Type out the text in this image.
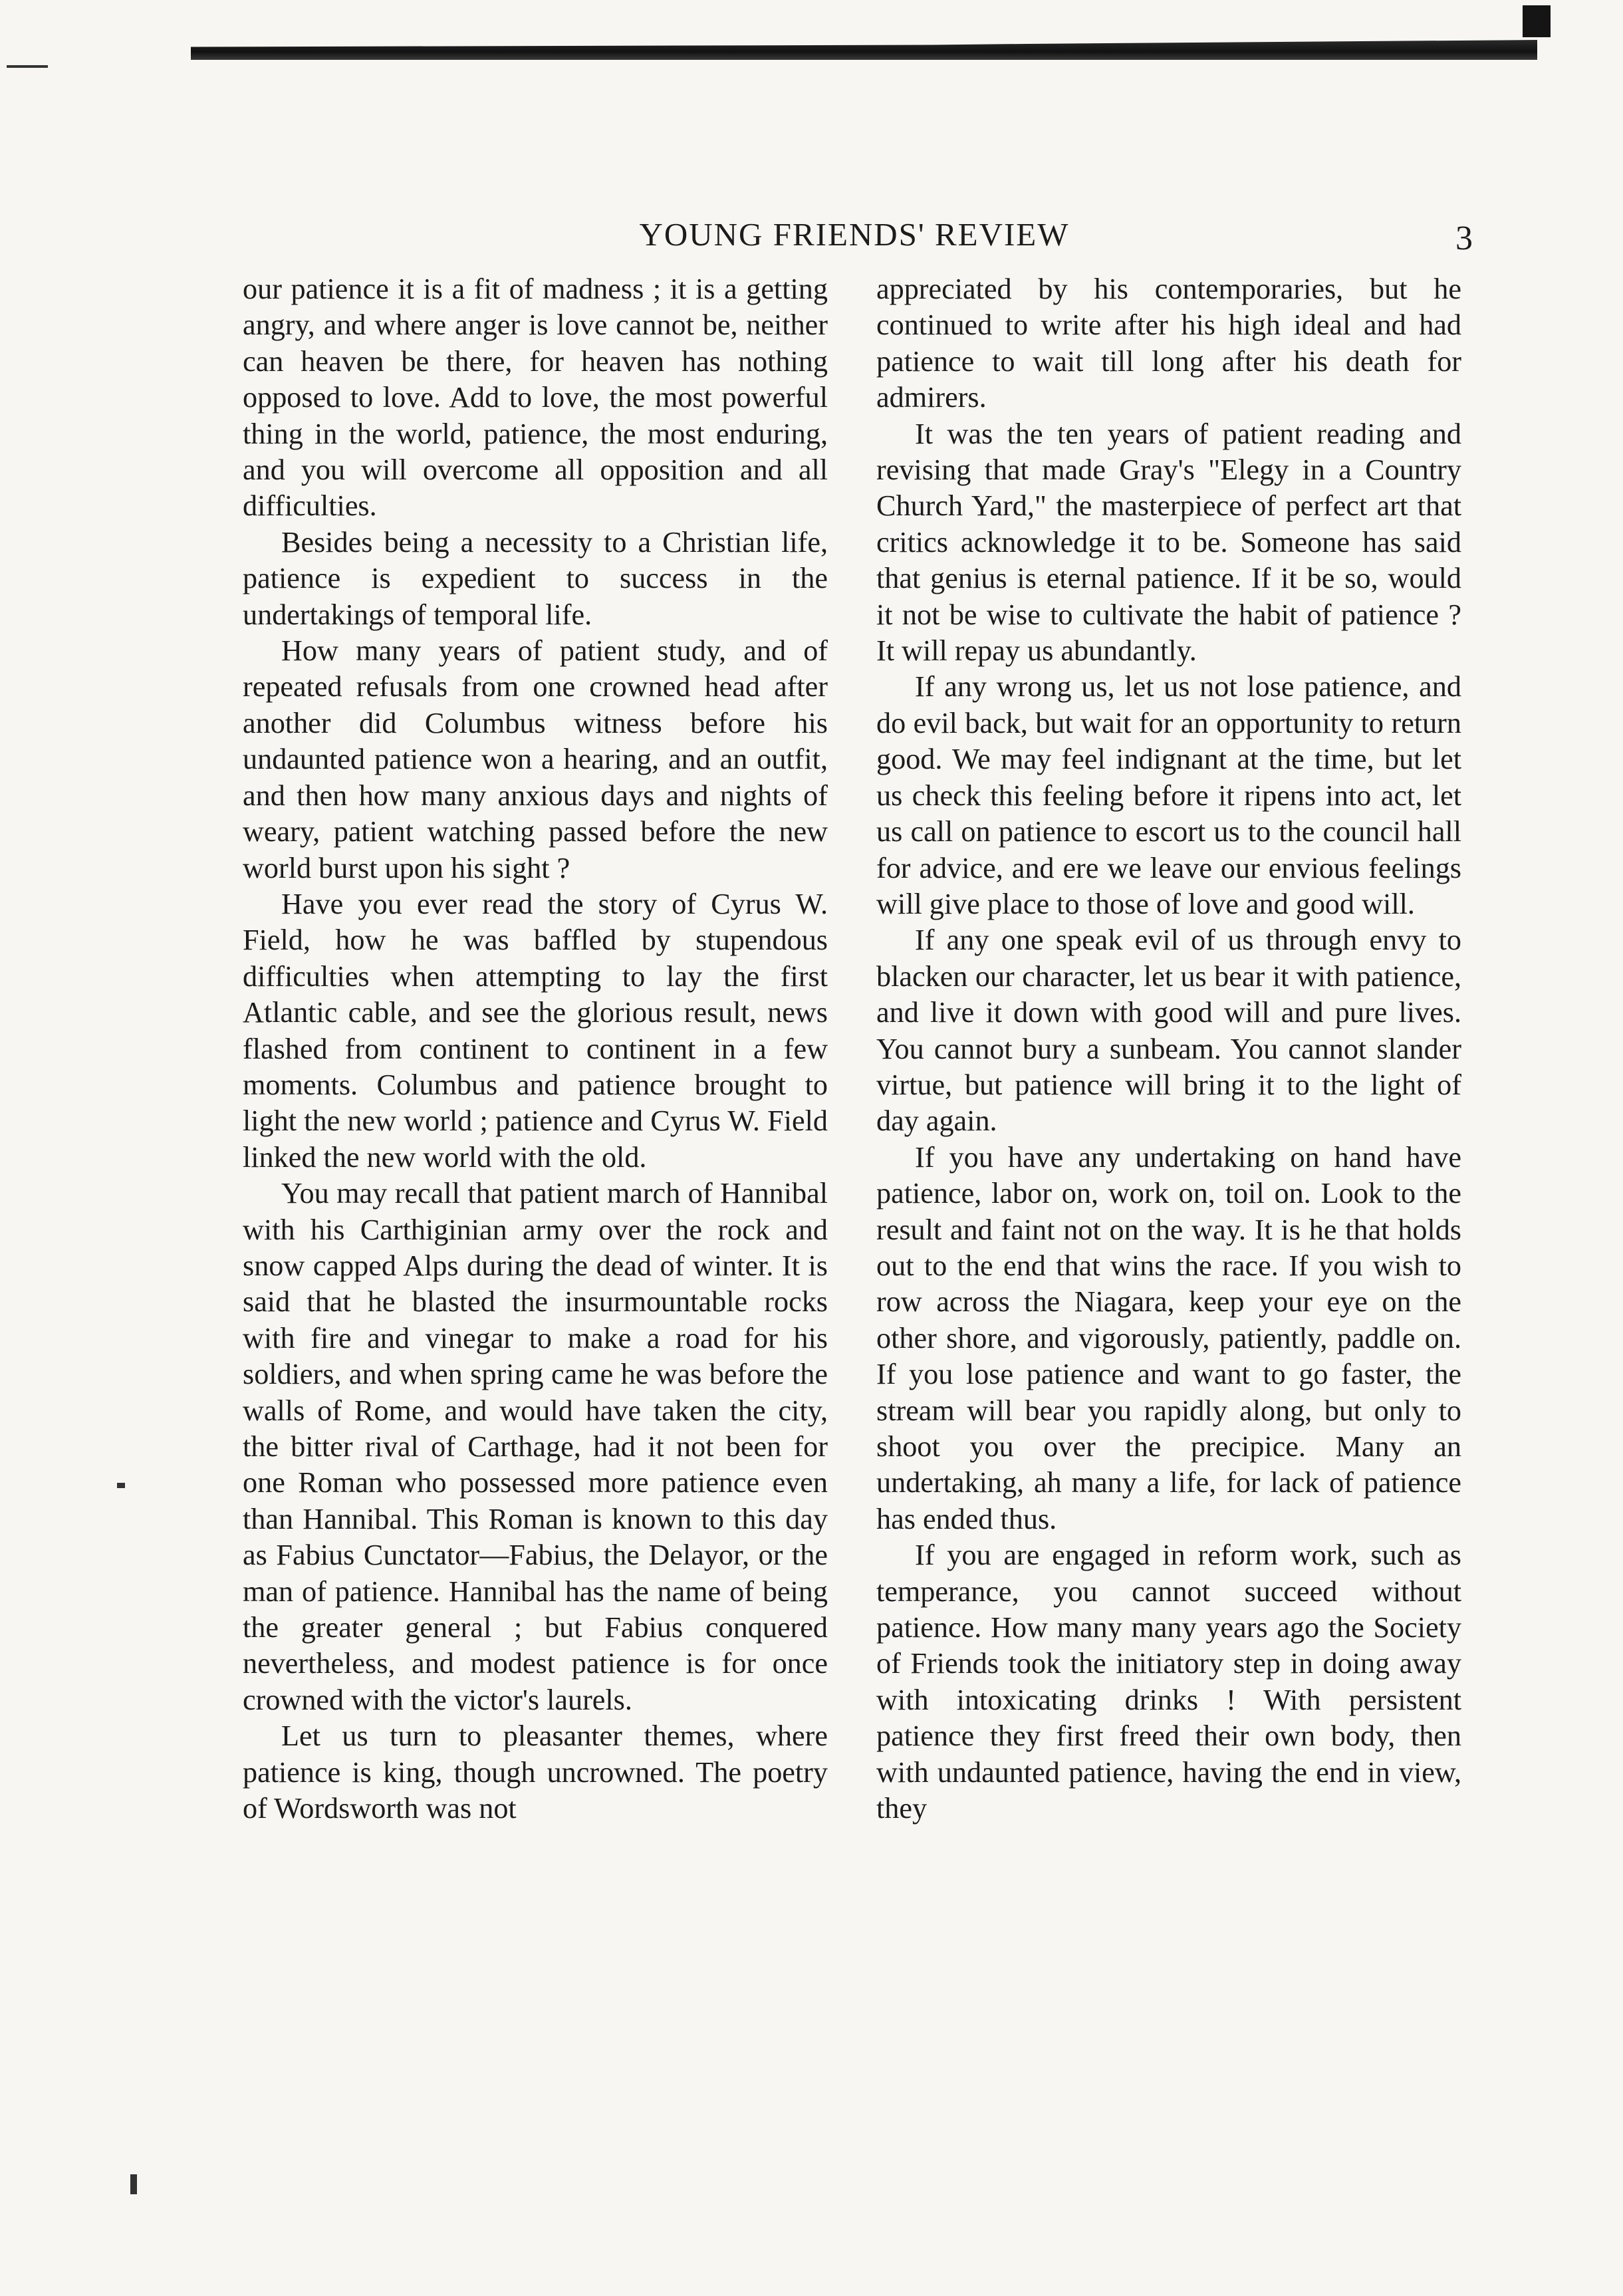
YOUNG FRIENDS' REVIEW	3

our patience it is a fit of madness ; it is a getting angry, and where anger is love cannot be, neither can heaven be there, for heaven has nothing opposed to love. Add to love, the most powerful thing in the world, patience, the most enduring, and you will overcome all opposition and all difficulties.

Besides being a necessity to a Christian life, patience is expedient to success in the undertakings of temporal life.

How many years of patient study, and of repeated refusals from one crowned head after another did Columbus witness before his undaunted patience won a hearing, and an outfit, and then how many anxious days and nights of weary, patient watching passed before the new world burst upon his sight ?

Have you ever read the story of Cyrus W. Field, how he was baffled by stupendous difficulties when attempting to lay the first Atlantic cable, and see the glorious result, news flashed from continent to continent in a few moments. Columbus and patience brought to light the new world ; patience and Cyrus W. Field linked the new world with the old.

You may recall that patient march of Hannibal with his Carthiginian army over the rock and snow capped Alps during the dead of winter. It is said that he blasted the insurmountable rocks with fire and vinegar to make a road for his soldiers, and when spring came he was before the walls of Rome, and would have taken the city, the bitter rival of Carthage, had it not been for one Roman who possessed more patience even than Hannibal. This Roman is known to this day as Fabius Cunctator—Fabius, the Delayor, or the man of patience. Hannibal has the name of being the greater general ; but Fabius conquered nevertheless, and modest patience is for once crowned with the victor's laurels.

Let us turn to pleasanter themes, where patience is king, though uncrowned. The poetry of Wordsworth was not

appreciated by his contemporaries, but he continued to write after his high ideal and had patience to wait till long after his death for admirers.

It was the ten years of patient reading and revising that made Gray's "Elegy in a Country Church Yard," the masterpiece of perfect art that critics acknowledge it to be. Someone has said that genius is eternal patience. If it be so, would it not be wise to cultivate the habit of patience ? It will repay us abundantly.

If any wrong us, let us not lose patience, and do evil back, but wait for an opportunity to return good. We may feel indignant at the time, but let us check this feeling before it ripens into act, let us call on patience to escort us to the council hall for advice, and ere we leave our envious feelings will give place to those of love and good will.

If any one speak evil of us through envy to blacken our character, let us bear it with patience, and live it down with good will and pure lives. You cannot bury a sunbeam. You cannot slander virtue, but patience will bring it to the light of day again.

If you have any undertaking on hand have patience, labor on, work on, toil on. Look to the result and faint not on the way. It is he that holds out to the end that wins the race. If you wish to row across the Niagara, keep your eye on the other shore, and vigorously, patiently, paddle on. If you lose patience and want to go faster, the stream will bear you rapidly along, but only to shoot you over the precipice. Many an undertaking, ah many a life, for lack of patience has ended thus.

If you are engaged in reform work, such as temperance, you cannot succeed without patience. How many many years ago the Society of Friends took the initiatory step in doing away with intoxicating drinks ! With persistent patience they first freed their own body, then with undaunted patience, having the end in view, they
